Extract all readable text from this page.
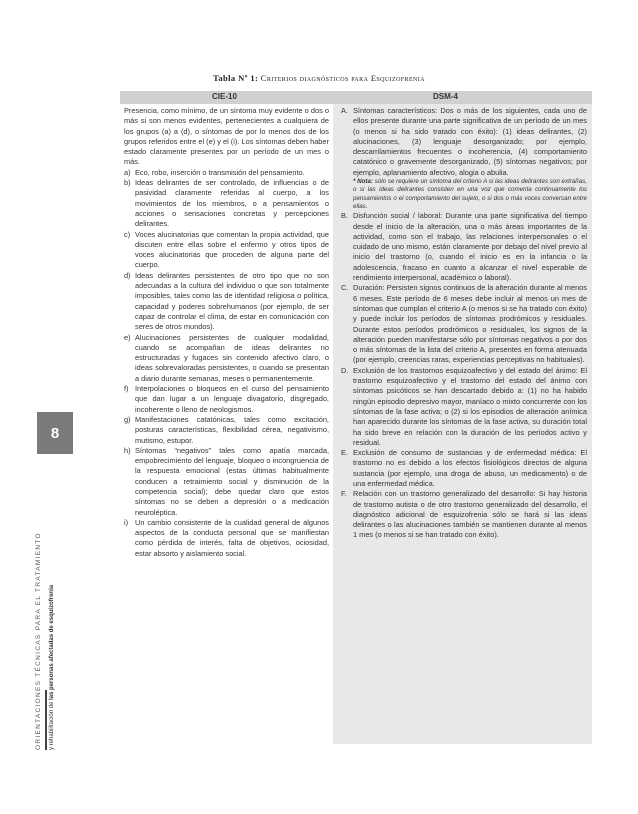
Tabla Nº 1: Criterios diagnósticos para Esquizofrenia
8
ORIENTACIONES TÉCNICAS PARA EL TRATAMIENTO	y rehabilitación de las personas afectadas de esquizofrenia
CIE-10	DSM-4
Presencia, como mínimo, de un síntoma muy evidente o dos o más si son menos evidentes, pertenecientes a cualquiera de los grupos (a) a (d), o síntomas de por lo menos dos de los grupos referidos entre el (e) y el (i). Los síntomas deben haber estado claramente presentes por un período de un mes o más.
a) Eco, robo, inserción o transmisión del pensamiento.
b) Ideas delirantes de ser controlado, de influencias o de pasividad claramente referidas al cuerpo, a los movimientos de los miembros, o a pensamientos o acciones o sensaciones concretas y percepciones delirantes.
c) Voces alucinatorias que comentan la propia actividad, que discuten entre ellas sobre el enfermo y otros tipos de voces alucinatorias que proceden de alguna parte del cuerpo.
d) Ideas delirantes persistentes de otro tipo que no son adecuadas a la cultura del individuo o que son totalmente imposibles, tales como las de identidad religiosa o política, capacidad y poderes sobrehumanos (por ejemplo, de ser capaz de controlar el clima, de estar en comunicación con seres de otros mundos).
e) Alucinaciones persistentes de cualquier modalidad, cuando se acompañan de ideas delirantes no estructuradas y fugaces sin contenido afectivo claro, o ideas sobrevaloradas persistentes, o cuando se presentan a diario durante semanas, meses o permanentemente.
f) Interpolaciones o bloqueos en el curso del pensamiento que dan lugar a un lenguaje divagatorio, disgregado, incoherente o lleno de neologismos.
g) Manifestaciones catatónicas, tales como excitación, posturas características, flexibilidad cérea, negativismo, mutismo, estupor.
h) Síntomas “negativos” tales como apatía marcada, empobrecimiento del lenguaje, bloqueo o incongruencia de la respuesta emocional (estas últimas habitualmente conducen a retraimiento social y disminución de la competencia social); debe quedar claro que estos síntomas no se deben a depresión o a medicación neuroléptica.
i) Un cambio consistente de la cualidad general de algunos aspectos de la conducta personal que se manifiestan como pérdida de interés, falta de objetivos, ociosidad, estar absorto y aislamiento social.
A. Síntomas característicos: Dos o más de los siguientes, cada uno de ellos presente durante una parte significativa de un período de un mes (o menos si ha sido tratado con éxito): (1) ideas delirantes, (2) alucinaciones, (3) lenguaje desorganizado; por ejemplo, descarrilamientos frecuentes o incoherencia, (4) comportamiento catatónico o gravemente desorganizado, (5) síntomas negativos; por ejemplo, aplanamiento afectivo, alogia o abulia.
* Nota: sólo se requiere un síntoma del criterio A si las ideas delirantes son extrañas, o si las ideas delirantes consisten en una voz que comenta continuamente los pensamientos o el comportamiento del sujeto, o si dos o más voces conversan entre ellas.
B. Disfunción social / laboral: Durante una parte significativa del tiempo desde el inicio de la alteración, una o más áreas importantes de la actividad, como son el trabajo, las relaciones interpersonales o el cuidado de uno mismo, están claramente por debajo del nivel previo al inicio del trastorno (o, cuando el inicio es en la infancia o la adolescencia, fracaso en cuanto a alcanzar el nivel esperable de rendimiento interpersonal, académico o laboral).
C. Duración: Persisten signos continuos de la alteración durante al menos 6 meses. Este período de 6 meses debe incluir al menos un mes de síntomas que cumplan el criterio A (o menos si se ha tratado con éxito) y puede incluir los períodos de síntomas prodrómicos y residuales. Durante estos períodos prodrómicos o residuales, los signos de la alteración pueden manifestarse sólo por síntomas negativos o por dos o más síntomas de la lista del criterio A, presentes en forma atenuada (por ejemplo, creencias raras, experiencias perceptivas no habituales).
D. Exclusión de los trastornos esquizoafectivo y del estado del ánimo: El trastorno esquizoafectivo y el trastorno del estado del ánimo con síntomas psicóticos se han descartado debido a: (1) no ha habido ningún episodio depresivo mayor, maníaco o mixto concurrente con los síntomas de la fase activa; o (2) si los episodios de alteración anímica han aparecido durante los síntomas de la fase activa, su duración total ha sido breve en relación con la duración de los períodos activo y residual.
E. Exclusión de consumo de sustancias y de enfermedad médica: El trastorno no es debido a los efectos fisiológicos directos de alguna sustancia (por ejemplo, una droga de abuso, un medicamento) o de una enfermedad médica.
F. Relación con un trastorno generalizado del desarrollo: Si hay historia de trastorno autista o de otro trastorno generalizado del desarrollo, el diagnóstico adicional de esquizofrenia sólo se hará si las ideas delirantes o las alucinaciones también se mantienen durante al menos 1 mes (o menos si se han tratado con éxito).
